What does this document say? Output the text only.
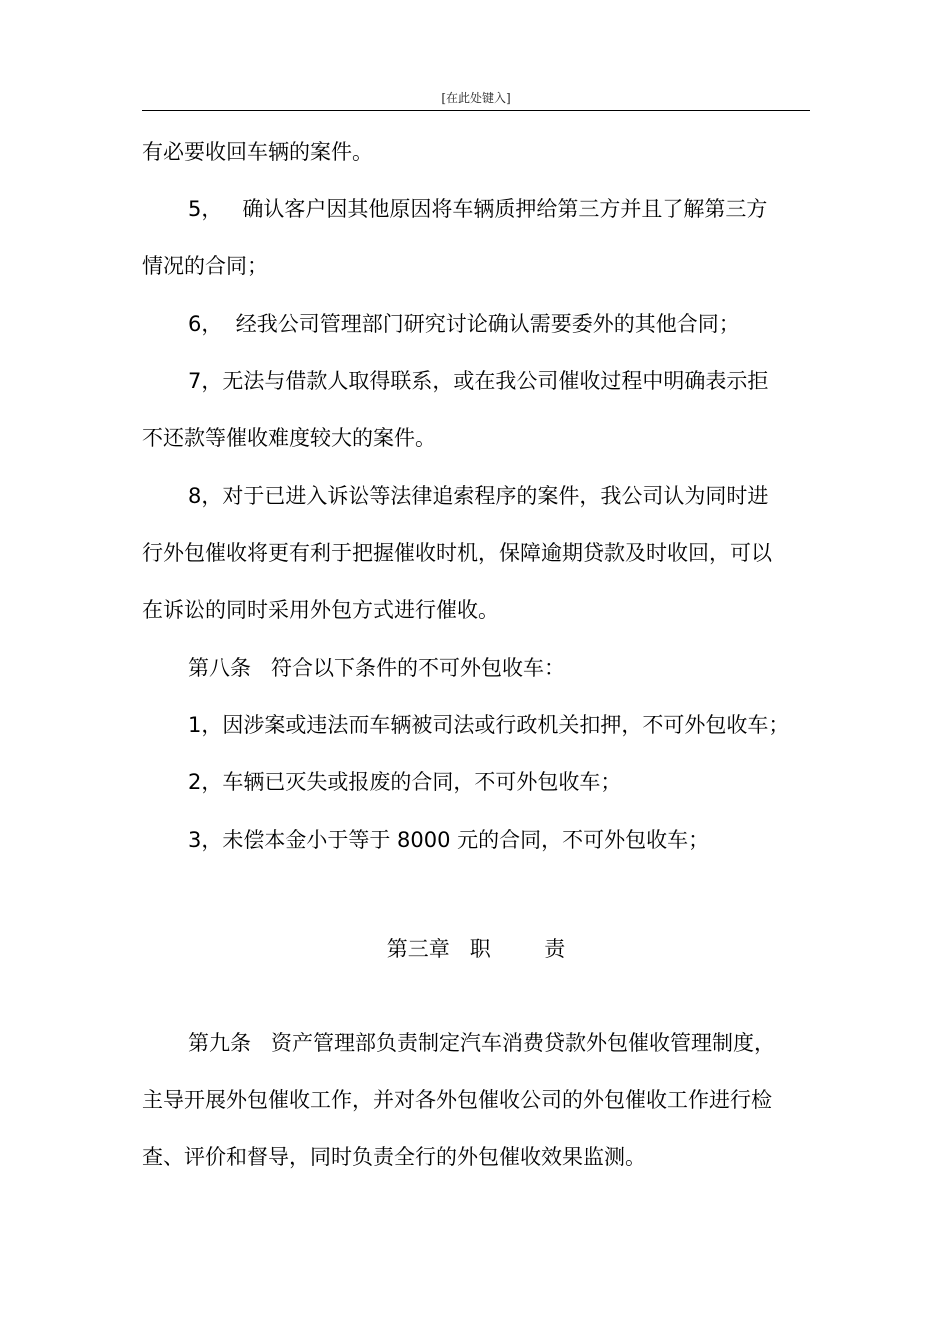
[在此处键入]
有必要收回车辆的案件。
5，   确认客户因其他原因将车辆质押给第三方并且了解第三方
情况的合同；
6，  经我公司管理部门研究讨论确认需要委外的其他合同；
7，无法与借款人取得联系，或在我公司催收过程中明确表示拒
不还款等催收难度较大的案件。
8，对于已进入诉讼等法律追索程序的案件，我公司认为同时进
行外包催收将更有利于把握催收时机，保障逾期贷款及时收回，可以
在诉讼的同时采用外包方式进行催收。
第八条   符合以下条件的不可外包收车：
1，因涉案或违法而车辆被司法或行政机关扣押，不可外包收车；
2，车辆已灭失或报废的合同，不可外包收车；
3，未偿本金小于等于 8000 元的合同，不可外包收车；
第三章   职        责
第九条   资产管理部负责制定汽车消费贷款外包催收管理制度，
主导开展外包催收工作，并对各外包催收公司的外包催收工作进行检
查、评价和督导，同时负责全行的外包催收效果监测。
